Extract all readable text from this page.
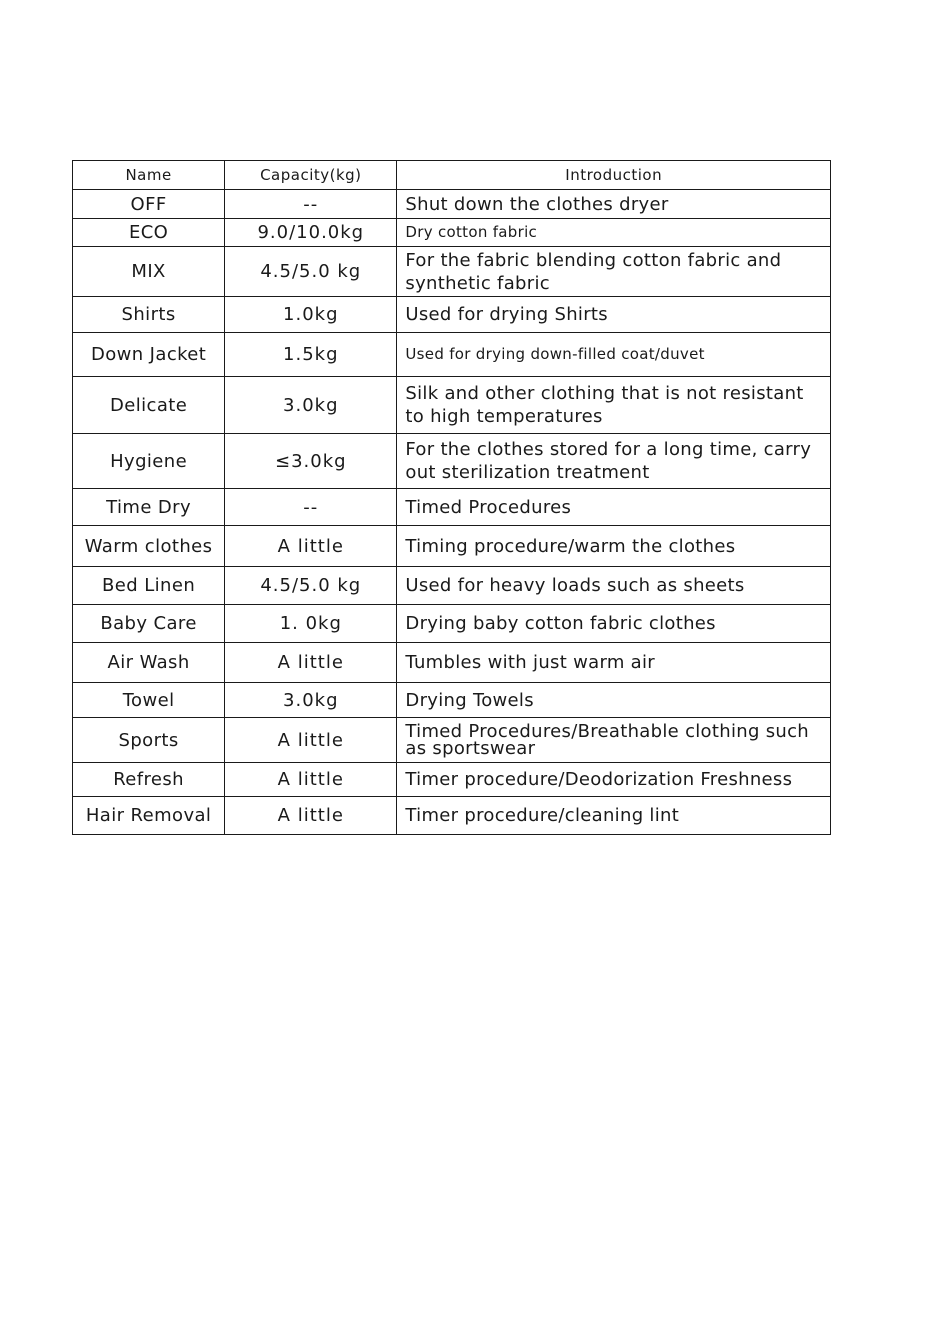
Name	Capacity(kg)	Introduction
OFF	--	Shut down the clothes dryer
ECO	9.0/10.0kg	Dry cotton fabric
MIX	4.5/5.0 kg	For the fabric blending cotton fabric and synthetic fabric
Shirts	1.0kg	Used for drying Shirts
Down Jacket	1.5kg	Used for drying down-filled coat/duvet
Delicate	3.0kg	Silk and other clothing that is not resistant to high temperatures
Hygiene	≤3.0kg	For the clothes stored for a long time, carry out sterilization treatment
Time Dry	--	Timed Procedures
Warm clothes	A little	Timing procedure/warm the clothes
Bed Linen	4.5/5.0 kg	Used for heavy loads such as sheets
Baby Care	1. 0kg	Drying baby cotton fabric clothes
Air Wash	A little	Tumbles with just warm air
Towel	3.0kg	Drying Towels
Sports	A little	Timed Procedures/Breathable clothing such as sportswear
Refresh	A little	Timer procedure/Deodorization Freshness
Hair Removal	A little	Timer procedure/cleaning lint
